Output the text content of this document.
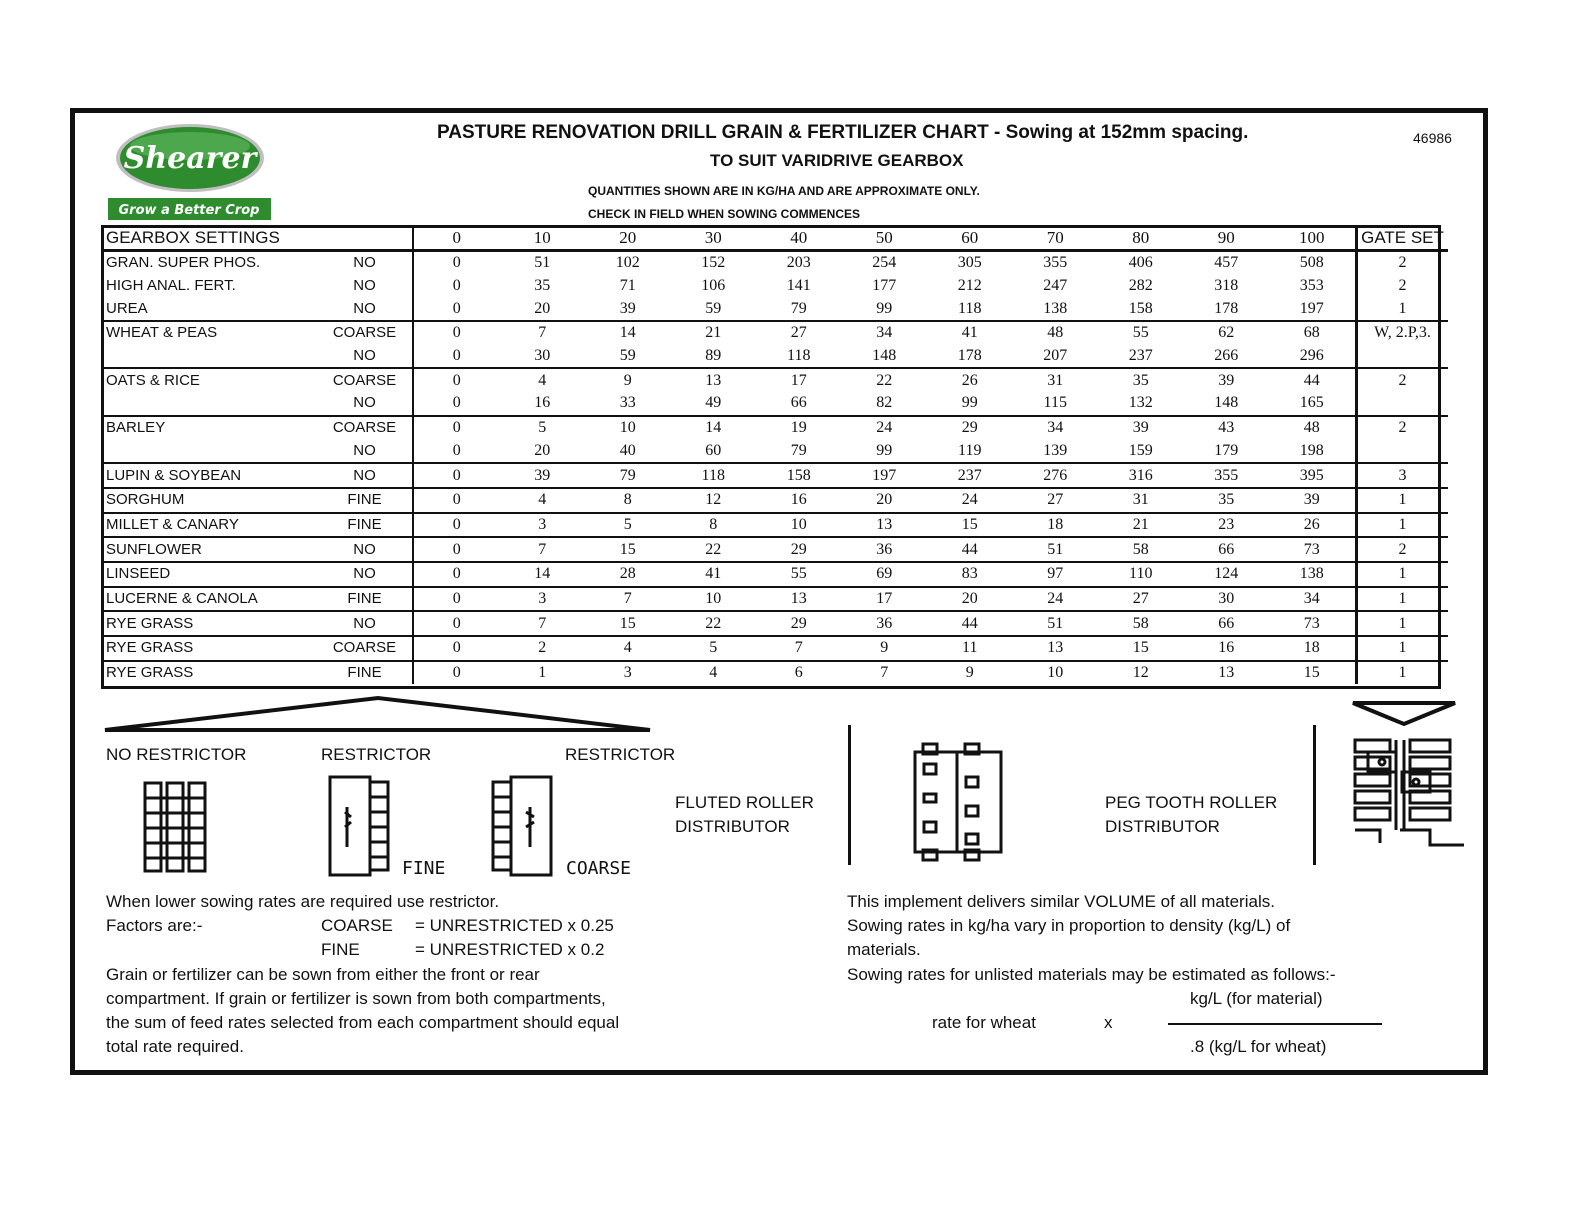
Shearer
Grow a Better Crop
PASTURE RENOVATION DRILL GRAIN & FERTILIZER CHART - Sowing at 152mm spacing.
TO SUIT VARIDRIVE GEARBOX
46986
QUANTITIES SHOWN ARE IN KG/HA AND ARE APPROXIMATE ONLY.
CHECK IN FIELD WHEN SOWING COMMENCES
GEARBOX SETTINGS		0	10	20	30	40	50	60	70	80	90	100	GATE SET
GRAN. SUPER PHOS.	NO	0	51	102	152	203	254	305	355	406	457	508	2
HIGH ANAL. FERT.	NO	0	35	71	106	141	177	212	247	282	318	353	2
UREA	NO	0	20	39	59	79	99	118	138	158	178	197	1
WHEAT & PEAS	COARSE	0	7	14	21	27	34	41	48	55	62	68	W, 2.P,3.
	NO	0	30	59	89	118	148	178	207	237	266	296	
OATS & RICE	COARSE	0	4	9	13	17	22	26	31	35	39	44	2
	NO	0	16	33	49	66	82	99	115	132	148	165	
BARLEY	COARSE	0	5	10	14	19	24	29	34	39	43	48	2
	NO	0	20	40	60	79	99	119	139	159	179	198	
LUPIN & SOYBEAN	NO	0	39	79	118	158	197	237	276	316	355	395	3
SORGHUM	FINE	0	4	8	12	16	20	24	27	31	35	39	1
MILLET & CANARY	FINE	0	3	5	8	10	13	15	18	21	23	26	1
SUNFLOWER	NO	0	7	15	22	29	36	44	51	58	66	73	2
LINSEED	NO	0	14	28	41	55	69	83	97	110	124	138	1
LUCERNE & CANOLA	FINE	0	3	7	10	13	17	20	24	27	30	34	1
RYE GRASS	NO	0	7	15	22	29	36	44	51	58	66	73	1
RYE GRASS	COARSE	0	2	4	5	7	9	11	13	15	16	18	1
RYE GRASS	FINE	0	1	3	4	6	7	9	10	12	13	15	1
NO RESTRICTOR	RESTRICTOR	RESTRICTOR
FINE	COARSE
FLUTED ROLLER
DISTRIBUTOR
PEG TOOTH ROLLER
DISTRIBUTOR
When lower sowing rates are required use restrictor.
Factors are:-	COARSE = UNRESTRICTED x 0.25
FINE	= UNRESTRICTED x 0.2
Grain or fertilizer can be sown from either the front or rear
compartment. If grain or fertilizer is sown from both compartments,
the sum of feed rates selected from each compartment should equal
total rate required.
This implement delivers similar VOLUME of all materials.
Sowing rates in kg/ha vary in proportion to density (kg/L) of
materials.
Sowing rates for unlisted materials may be estimated as follows:-
kg/L (for material)
rate for wheat	x
.8 (kg/L for wheat)
